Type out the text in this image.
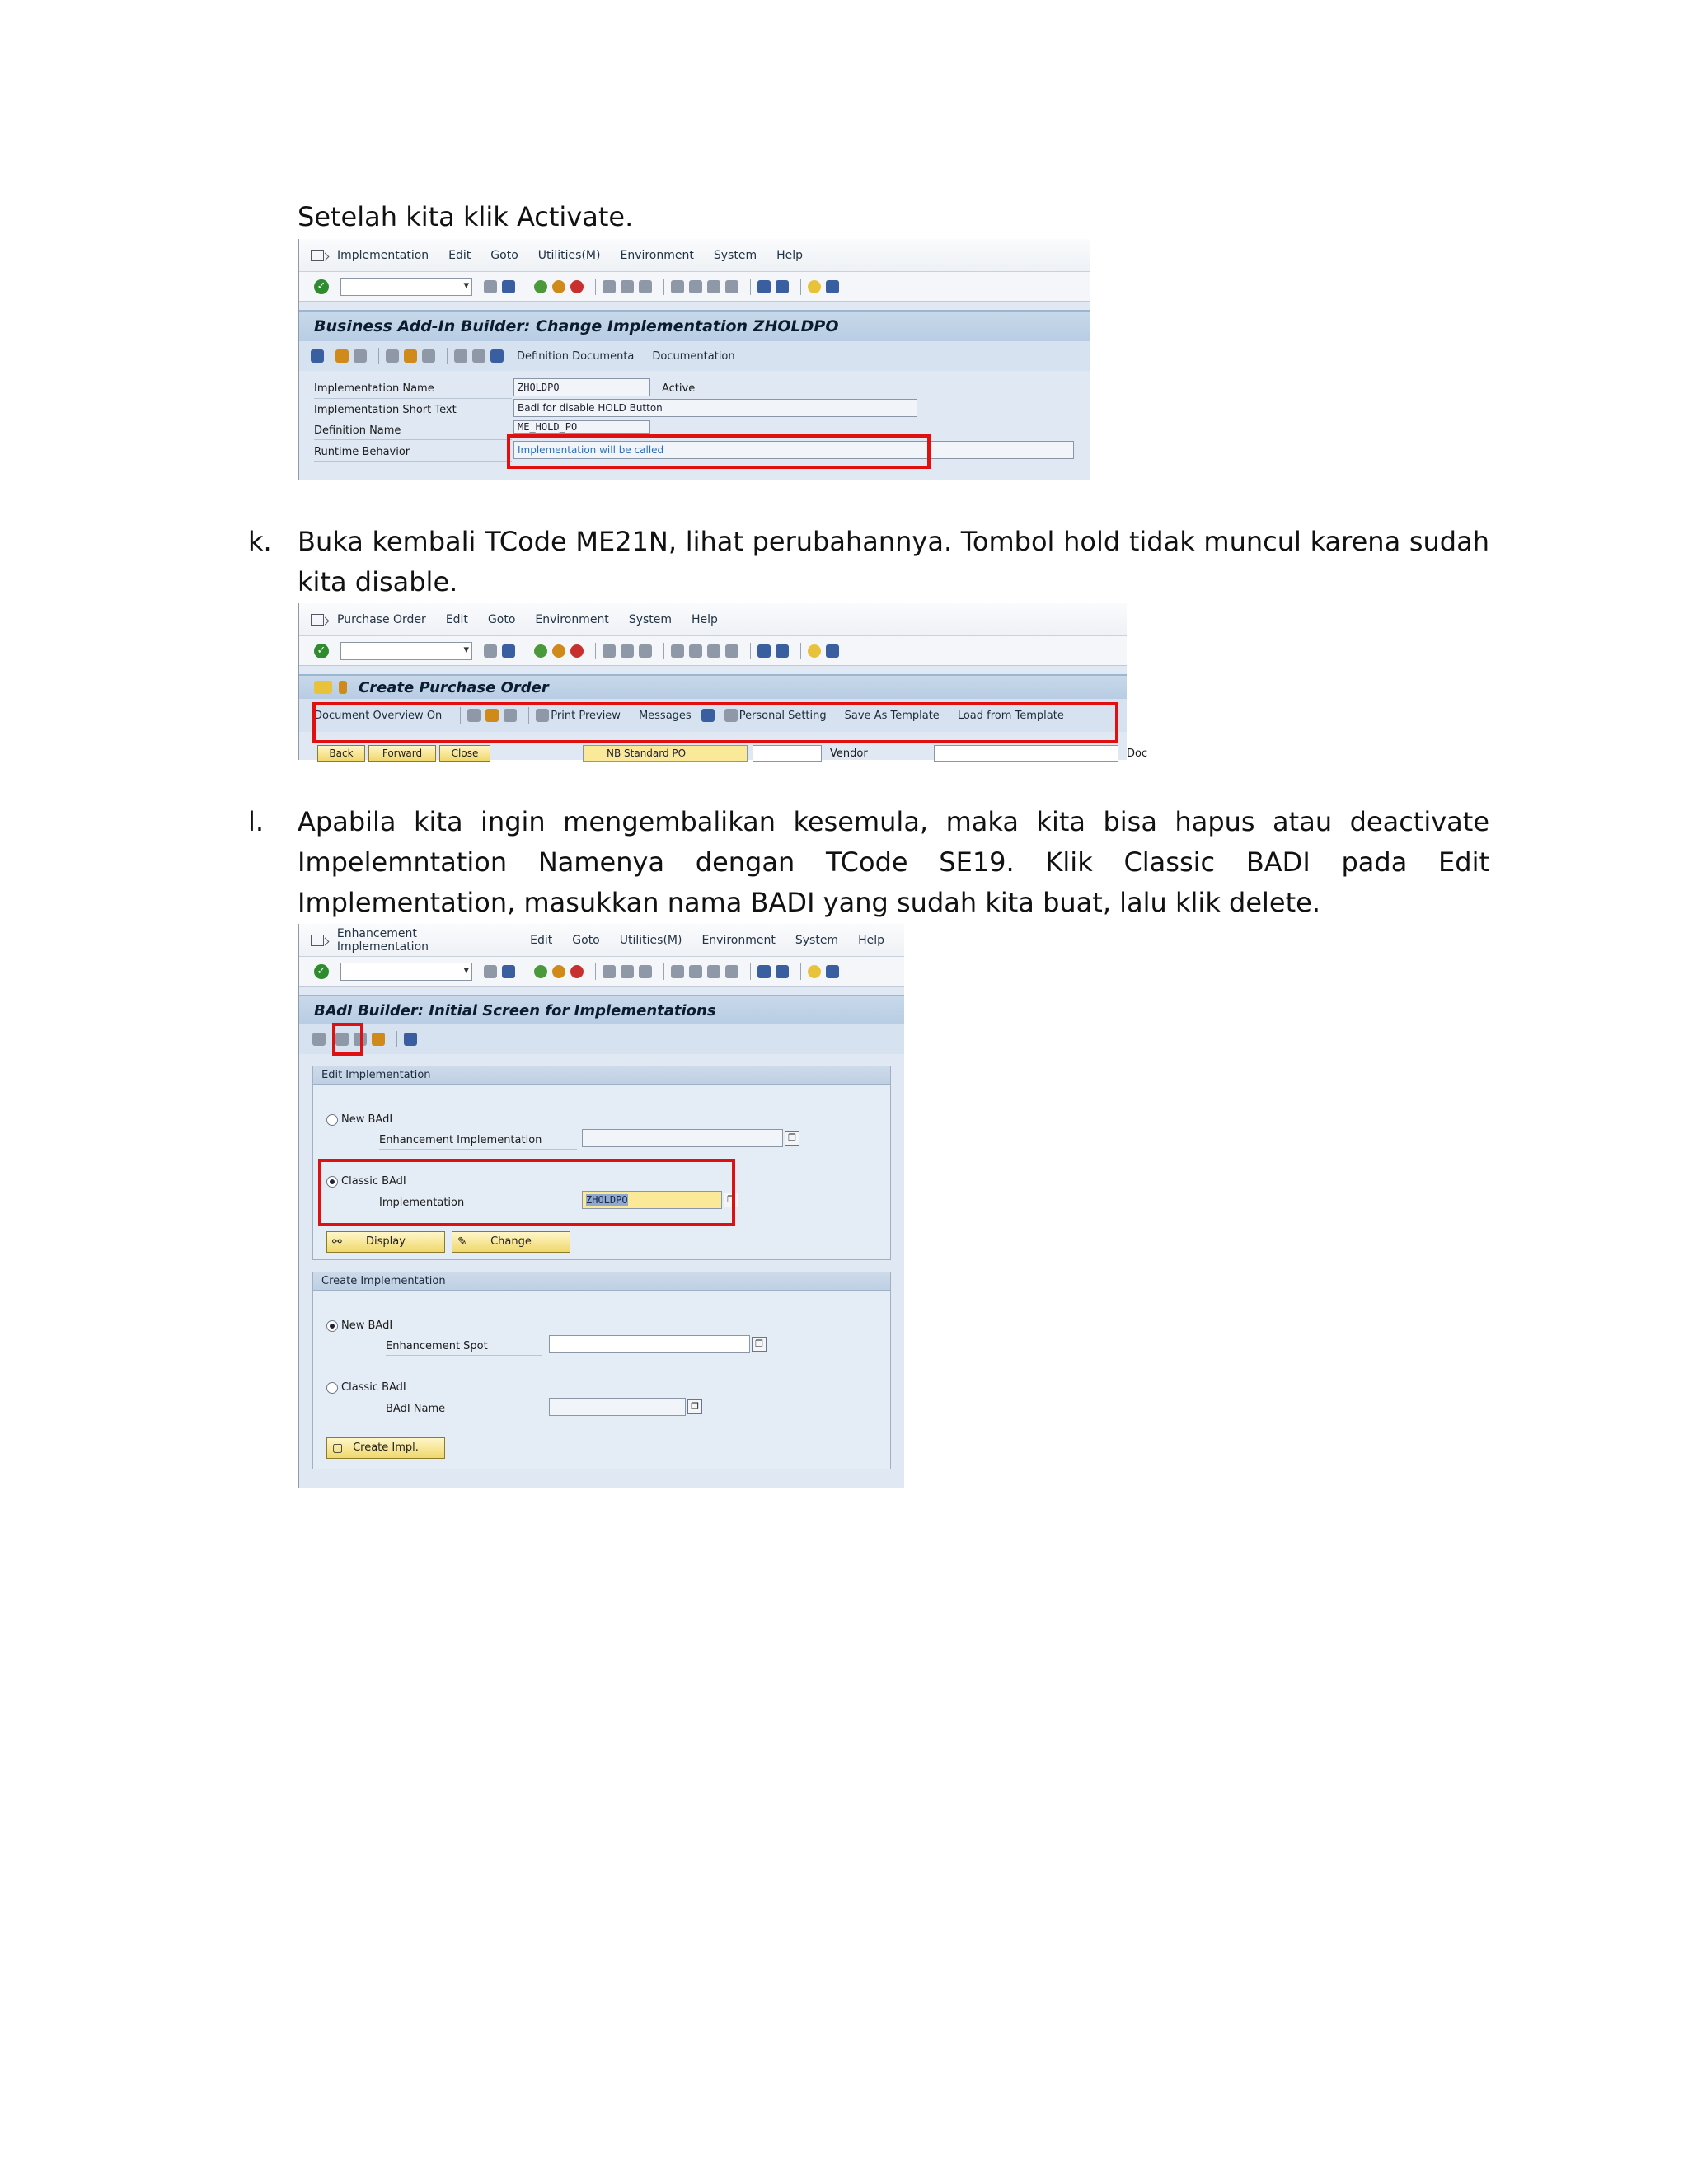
Setelah kita klik Activate.
Implementation Edit Goto Utilities(M) Environment System Help
✓
▾
Business Add-In Builder: Change Implementation ZHOLDPO
Definition Documenta Documentation
Implementation Name	ZHOLDPO	Active
Implementation Short Text	Badi for disable HOLD Button
Definition Name	ME_HOLD_PO
Runtime Behavior	Implementation will be called
k. Buka kembali TCode ME21N, lihat perubahannya. Tombol hold tidak muncul karena sudah kita disable.
Purchase Order Edit Goto Environment System Help
✓
▾
Create Purchase Order
Document Overview On	Print Preview Messages	Personal Setting Save As Template Load from Template
Back	Forward	Close	NB Standard PO	Vendor	Doc
l. Apabila kita ingin mengembalikan kesemula, maka kita bisa hapus atau deactivate Impelemntation Namenya dengan TCode SE19. Klik Classic BADI pada Edit Implementation, masukkan nama BADI yang sudah kita buat, lalu klik delete.
Enhancement Implementation	Edit Goto Utilities(M) Environment System Help
✓
▾
BAdI Builder: Initial Screen for Implementations
Edit Implementation
New BAdI
Enhancement Implementation	❐
Classic BAdI
Implementation	ZHOLDPO	❐
⚯ Display	✎ Change
Create Implementation
New BAdI
Enhancement Spot	❐
Classic BAdI
BAdI Name	❐
▢ Create Impl.
